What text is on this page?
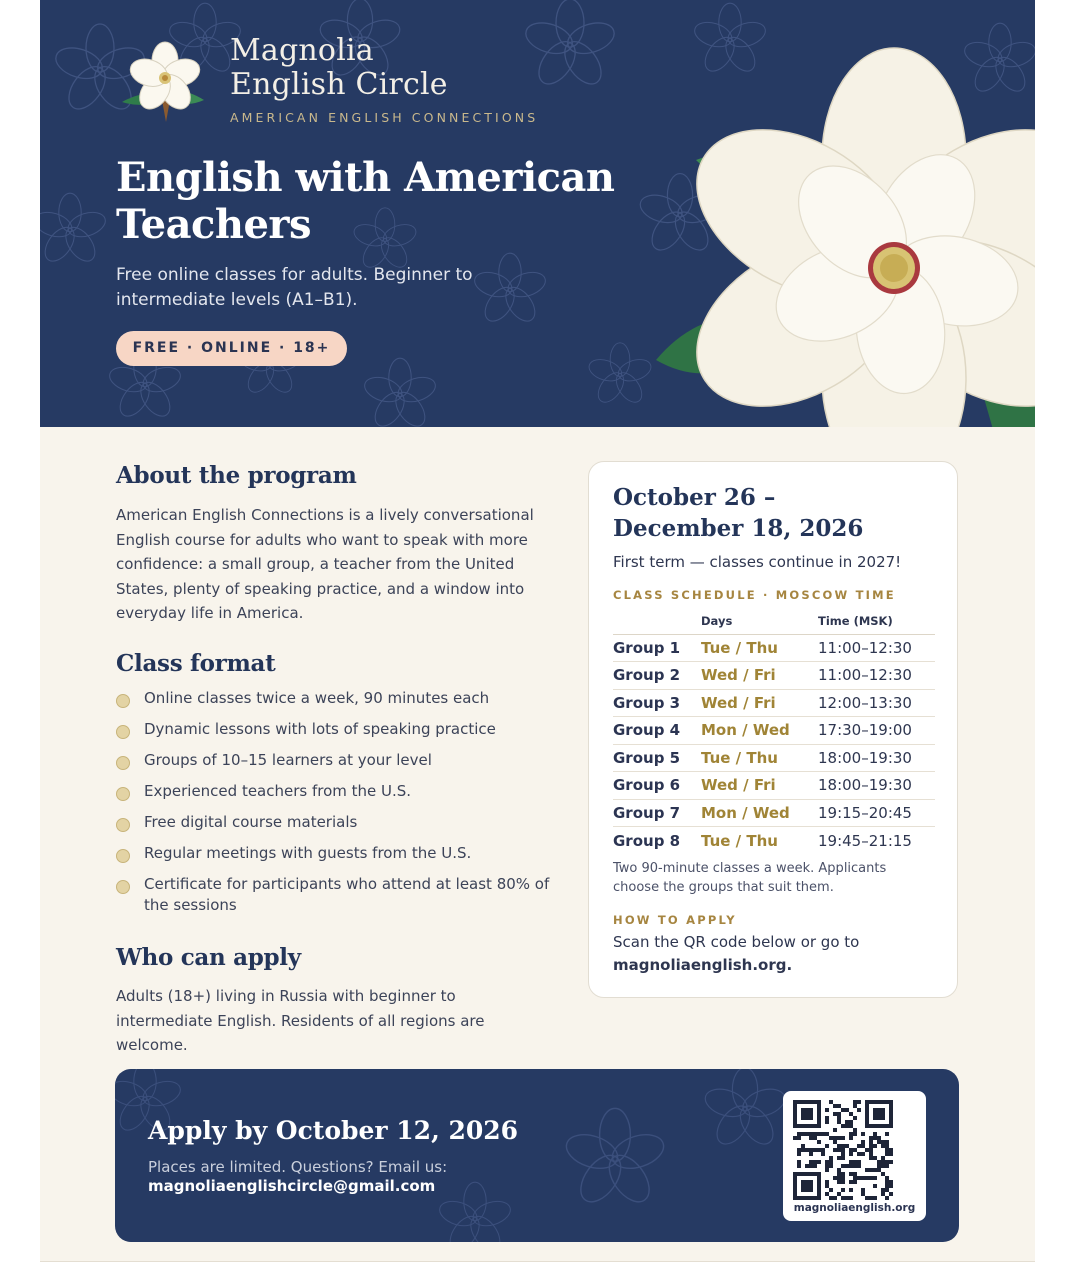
Magnolia
English Circle
AMERICAN ENGLISH CONNECTIONS
English with American Teachers

Free online classes for adults. Beginner to intermediate levels (A1–B1).

FREE · ONLINE · 18+
About the program

American English Connections is a lively conversational English course for adults who want to speak with more confidence: a small group, a teacher from the United States, plenty of speaking practice, and a window into everyday life in America.

Class format
Online classes twice a week, 90 minutes each
Dynamic lessons with lots of speaking practice
Groups of 10–15 learners at your level
Experienced teachers from the U.S.
Free digital course materials
Regular meetings with guests from the U.S.
Certificate for participants who attend at least 80% of the sessions
Who can apply

Adults (18+) living in Russia with beginner to intermediate English. Residents of all regions are welcome.

October 26 –
December 18, 2026
First term — classes continue in 2027!
CLASS SCHEDULE · MOSCOW TIME
	Days	Time (MSK)
Group 1	Tue / Thu	11:00–12:30
Group 2	Wed / Fri	11:00–12:30
Group 3	Wed / Fri	12:00–13:30
Group 4	Mon / Wed	17:30–19:00
Group 5	Tue / Thu	18:00–19:30
Group 6	Wed / Fri	18:00–19:30
Group 7	Mon / Wed	19:15–20:45
Group 8	Tue / Thu	19:45–21:15

Two 90-minute classes a week. Applicants choose the groups that suit them.

HOW TO APPLY

Scan the QR code below or go to
magnoliaenglish.org.

Apply by October 12, 2026
Places are limited. Questions? Email us:
magnoliaenglishcircle@gmail.com
magnoliaenglish.org
